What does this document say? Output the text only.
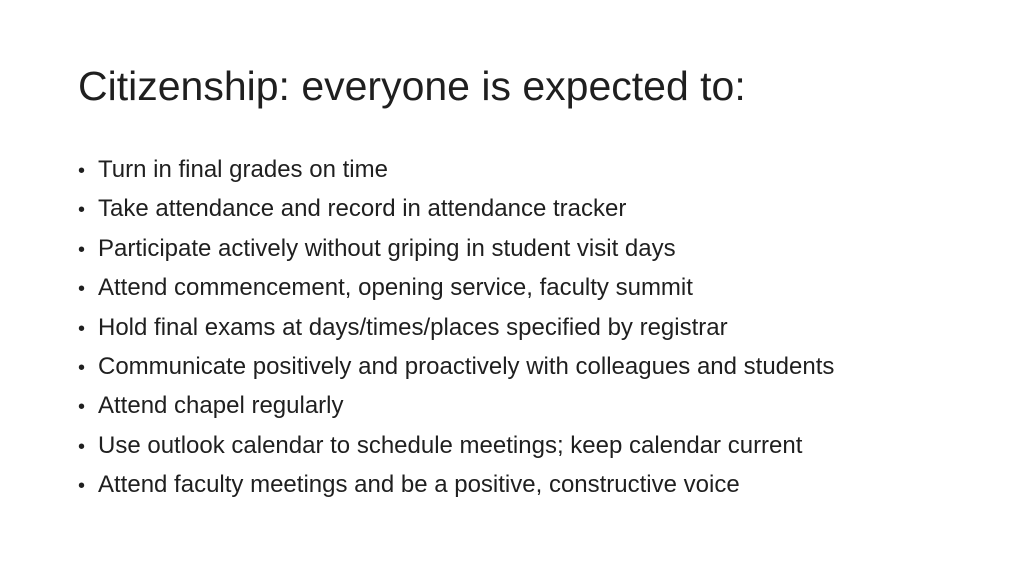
Citizenship: everyone is expected to:
• Turn in final grades on time
• Take attendance and record in attendance tracker
• Participate actively without griping in student visit days
• Attend commencement, opening service, faculty summit
• Hold final exams at days/times/places specified by registrar
• Communicate positively and proactively with colleagues and students
• Attend chapel regularly
• Use outlook calendar to schedule meetings; keep calendar current
• Attend faculty meetings and be a positive, constructive voice
